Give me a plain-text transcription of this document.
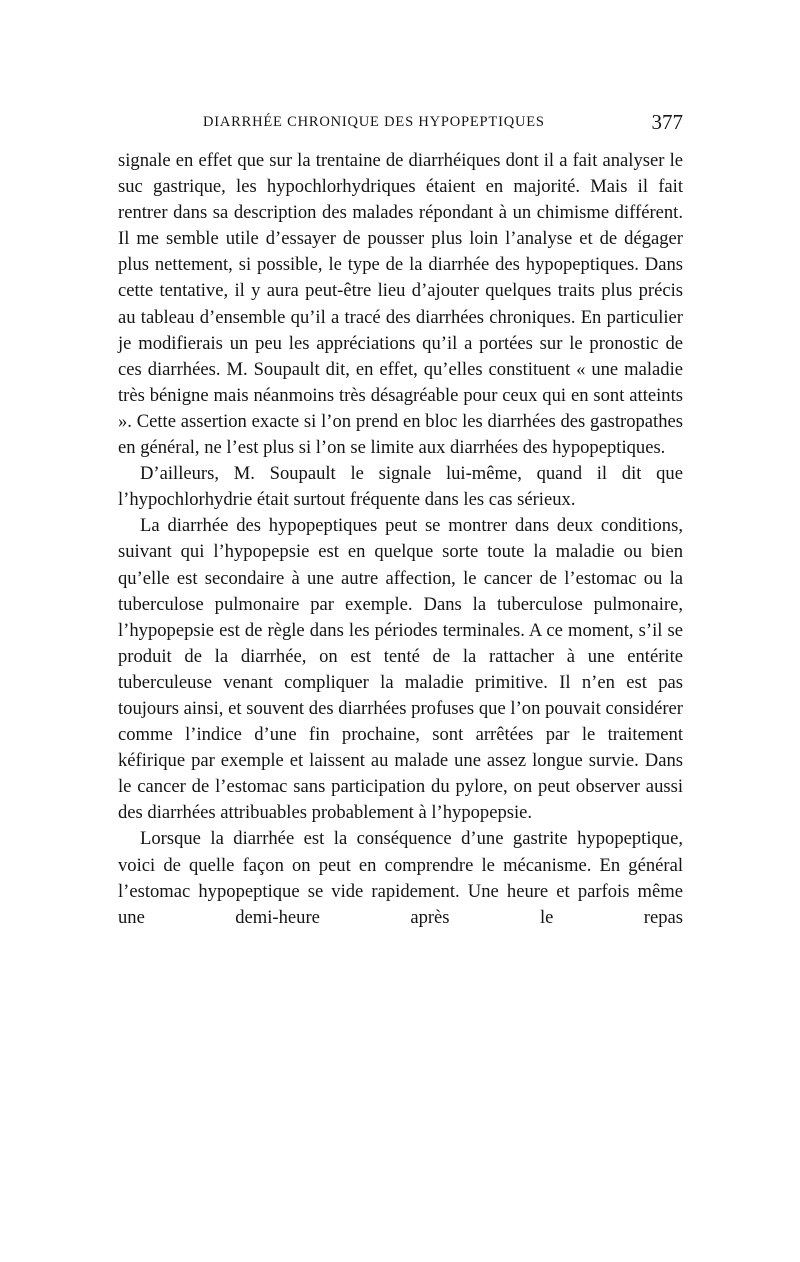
DIARRHÉE CHRONIQUE DES HYPOPEPTIQUES	377

signale en effet que sur la trentaine de diarrhéiques dont il a fait analyser le suc gastrique, les hypochlorhydriques étaient en majorité. Mais il fait rentrer dans sa description des malades répondant à un chimisme différent. Il me semble utile d’essayer de pousser plus loin l’analyse et de dégager plus nettement, si possible, le type de la diarrhée des hypopeptiques. Dans cette tentative, il y aura peut-être lieu d’ajouter quelques traits plus précis au tableau d’ensemble qu’il a tracé des diarrhées chroniques. En particulier je modifierais un peu les appréciations qu’il a portées sur le pronostic de ces diarrhées. M. Soupault dit, en effet, qu’elles constituent « une maladie très bénigne mais néanmoins très désagréable pour ceux qui en sont atteints ». Cette assertion exacte si l’on prend en bloc les diarrhées des gastropathes en général, ne l’est plus si l’on se limite aux diarrhées des hypopeptiques.

D’ailleurs, M. Soupault le signale lui-même, quand il dit que l’hypochlorhydrie était surtout fréquente dans les cas sérieux.

La diarrhée des hypopeptiques peut se montrer dans deux conditions, suivant qui l’hypopepsie est en quelque sorte toute la maladie ou bien qu’elle est secondaire à une autre affection, le cancer de l’estomac ou la tuberculose pulmonaire par exemple. Dans la tuberculose pulmonaire, l’hypopepsie est de règle dans les périodes terminales. A ce moment, s’il se produit de la diarrhée, on est tenté de la rattacher à une entérite tuberculeuse venant compliquer la maladie primitive. Il n’en est pas toujours ainsi, et souvent des diarrhées profuses que l’on pouvait considérer comme l’indice d’une fin prochaine, sont arrêtées par le traitement kéfirique par exemple et laissent au malade une assez longue survie. Dans le cancer de l’estomac sans participation du pylore, on peut observer aussi des diarrhées attribuables probablement à l’hypopepsie.

Lorsque la diarrhée est la conséquence d’une gastrite hypopeptique, voici de quelle façon on peut en comprendre le mécanisme. En général l’estomac hypopeptique se vide rapidement. Une heure et parfois même une demi-heure après le repas
